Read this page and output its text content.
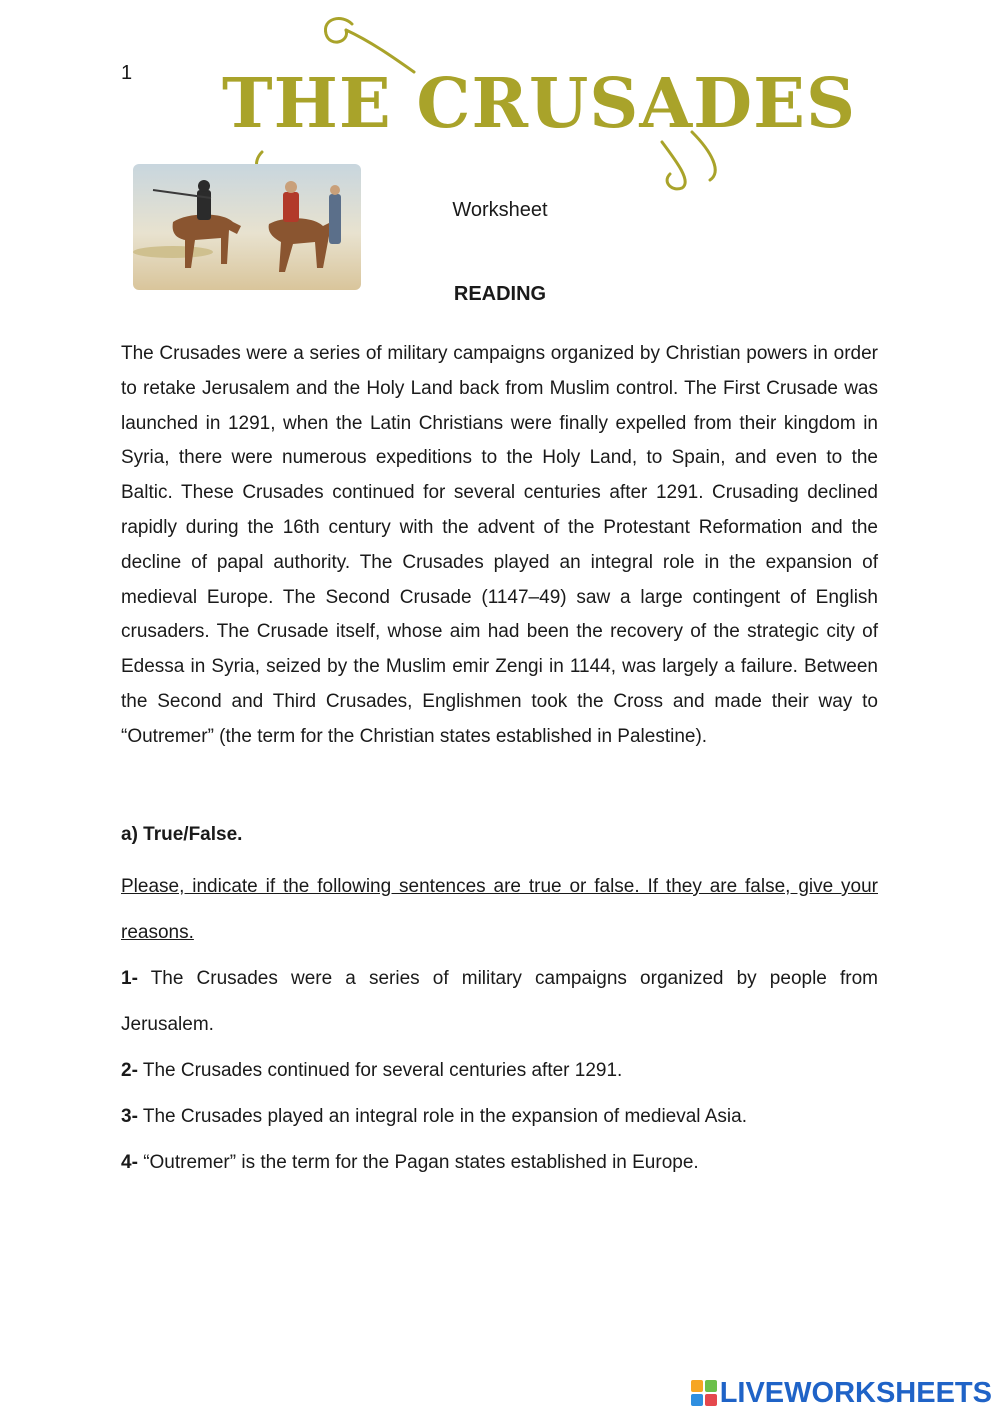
1 THE CRUSADES
Worksheet
READING

The Crusades were a series of military campaigns organized by Christian powers in order to retake Jerusalem and the Holy Land back from Muslim control. The First Crusade was launched in 1291, when the Latin Christians were finally expelled from their kingdom in Syria, there were numerous expeditions to the Holy Land, to Spain, and even to the Baltic. These Crusades continued for several centuries after 1291. Crusading declined rapidly during the 16th century with the advent of the Protestant Reformation and the decline of papal authority. The Crusades played an integral role in the expansion of medieval Europe. The Second Crusade (1147–49) saw a large contingent of English crusaders. The Crusade itself, whose aim had been the recovery of the strategic city of Edessa in Syria, seized by the Muslim emir Zengi in 1144, was largely a failure. Between the Second and Third Crusades, Englishmen took the Cross and made their way to “Outremer” (the term for the Christian states established in Palestine).

a) True/False.

Please, indicate if the following sentences are true or false. If they are false, give your reasons.

1- The Crusades were a series of military campaigns organized by people from Jerusalem.
2- The Crusades continued for several centuries after 1291.
3- The Crusades played an integral role in the expansion of medieval Asia.
4- “Outremer” is the term for the Pagan states established in Europe.
LIVEWORKSHEETS
